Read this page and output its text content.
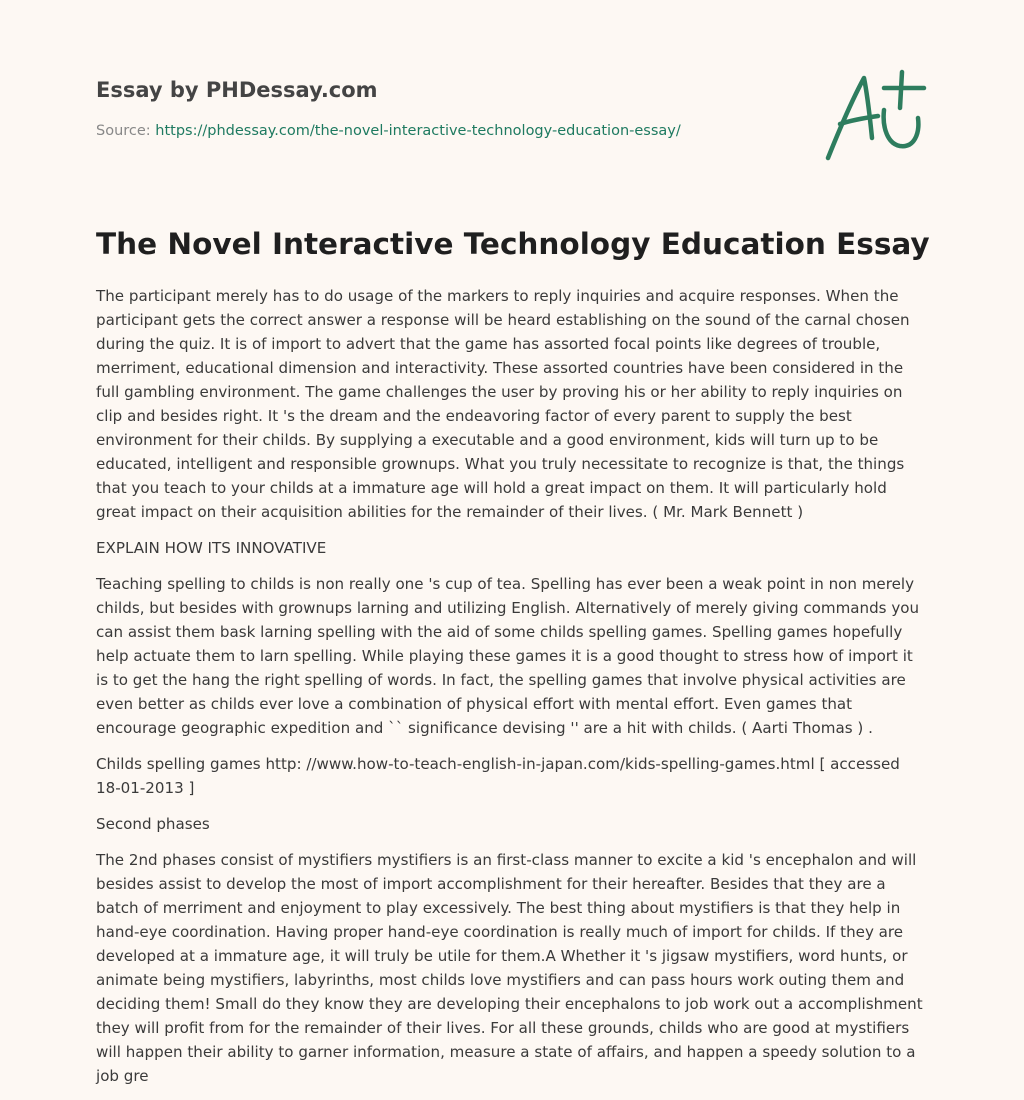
Essay by PHDessay.com
Source: https://phdessay.com/the-novel-interactive-technology-education-essay/
The Novel Interactive Technology Education Essay

The participant merely has to do usage of the markers to reply inquiries and acquire responses. When the participant gets the correct answer a response will be heard establishing on the sound of the carnal chosen during the quiz. It is of import to advert that the game has assorted focal points like degrees of trouble, merriment, educational dimension and interactivity. These assorted countries have been considered in the full gambling environment. The game challenges the user by proving his or her ability to reply inquiries on clip and besides right. It 's the dream and the endeavoring factor of every parent to supply the best environment for their childs. By supplying a executable and a good environment, kids will turn up to be educated, intelligent and responsible grownups. What you truly necessitate to recognize is that, the things that you teach to your childs at a immature age will hold a great impact on them. It will particularly hold great impact on their acquisition abilities for the remainder of their lives. ( Mr. Mark Bennett )

EXPLAIN HOW ITS INNOVATIVE

Teaching spelling to childs is non really one 's cup of tea. Spelling has ever been a weak point in non merely childs, but besides with grownups larning and utilizing English. Alternatively of merely giving commands you can assist them bask larning spelling with the aid of some childs spelling games. Spelling games hopefully help actuate them to larn spelling. While playing these games it is a good thought to stress how of import it is to get the hang the right spelling of words. In fact, the spelling games that involve physical activities are even better as childs ever love a combination of physical effort with mental effort. Even games that encourage geographic expedition and `` significance devising '' are a hit with childs. ( Aarti Thomas ) .

Childs spelling games http: //www.how-to-teach-english-in-japan.com/kids-spelling-games.html [ accessed 18-01-2013 ]

Second phases

The 2nd phases consist of mystifiers mystifiers is an first-class manner to excite a kid 's encephalon and will besides assist to develop the most of import accomplishment for their hereafter. Besides that they are a batch of merriment and enjoyment to play excessively. The best thing about mystifiers is that they help in hand-eye coordination. Having proper hand-eye coordination is really much of import for childs. If they are developed at a immature age, it will truly be utile for them.A Whether it 's jigsaw mystifiers, word hunts, or animate being mystifiers, labyrinths, most childs love mystifiers and can pass hours work outing them and deciding them! Small do they know they are developing their encephalons to job work out a accomplishment they will profit from for the remainder of their lives. For all these grounds, childs who are good at mystifiers will happen their ability to garner information, measure a state of affairs, and happen a speedy solution to a job gre
